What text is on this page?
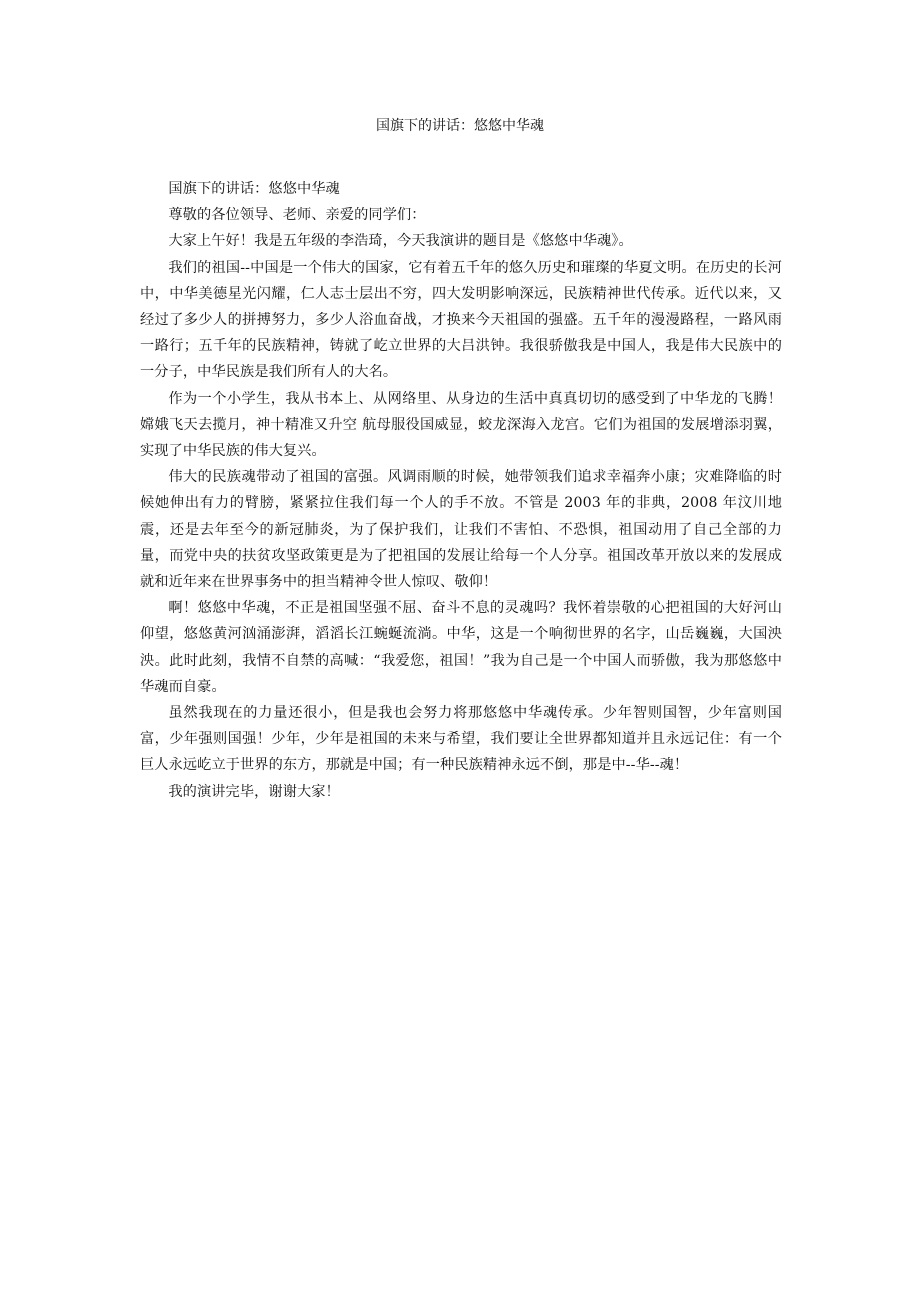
国旗下的讲话：悠悠中华魂

国旗下的讲话：悠悠中华魂

尊敬的各位领导、老师、亲爱的同学们：

大家上午好！我是五年级的李浩琦，今天我演讲的题目是《悠悠中华魂》。

我们的祖国--中国是一个伟大的国家，它有着五千年的悠久历史和璀璨的华夏文明。在历史的长河中，中华美德星光闪耀，仁人志士层出不穷，四大发明影响深远，民族精神世代传承。近代以来，又经过了多少人的拼搏努力，多少人浴血奋战，才换来今天祖国的强盛。五千年的漫漫路程，一路风雨一路行；五千年的民族精神，铸就了屹立世界的大吕洪钟。我很骄傲我是中国人，我是伟大民族中的一分子，中华民族是我们所有人的大名。

作为一个小学生，我从书本上、从网络里、从身边的生活中真真切切的感受到了中华龙的飞腾！嫦娥飞天去揽月，神十精准又升空 航母服役国威显，蛟龙深海入龙宫。它们为祖国的发展增添羽翼，实现了中华民族的伟大复兴。

伟大的民族魂带动了祖国的富强。风调雨顺的时候，她带领我们追求幸福奔小康；灾难降临的时候她伸出有力的臂膀，紧紧拉住我们每一个人的手不放。不管是 2003 年的非典，2008 年汶川地震，还是去年至今的新冠肺炎，为了保护我们，让我们不害怕、不恐惧，祖国动用了自己全部的力量，而党中央的扶贫攻坚政策更是为了把祖国的发展让给每一个人分享。祖国改革开放以来的发展成就和近年来在世界事务中的担当精神令世人惊叹、敬仰！

啊！悠悠中华魂，不正是祖国坚强不屈、奋斗不息的灵魂吗？我怀着崇敬的心把祖国的大好河山仰望，悠悠黄河汹涌澎湃，滔滔长江蜿蜒流淌。中华，这是一个响彻世界的名字，山岳巍巍，大国泱泱。此时此刻，我情不自禁的高喊：“我爱您，祖国！”我为自己是一个中国人而骄傲，我为那悠悠中华魂而自豪。

虽然我现在的力量还很小，但是我也会努力将那悠悠中华魂传承。少年智则国智，少年富则国富，少年强则国强！少年，少年是祖国的未来与希望，我们要让全世界都知道并且永远记住：有一个巨人永远屹立于世界的东方，那就是中国；有一种民族精神永远不倒，那是中--华--魂！

我的演讲完毕，谢谢大家！
